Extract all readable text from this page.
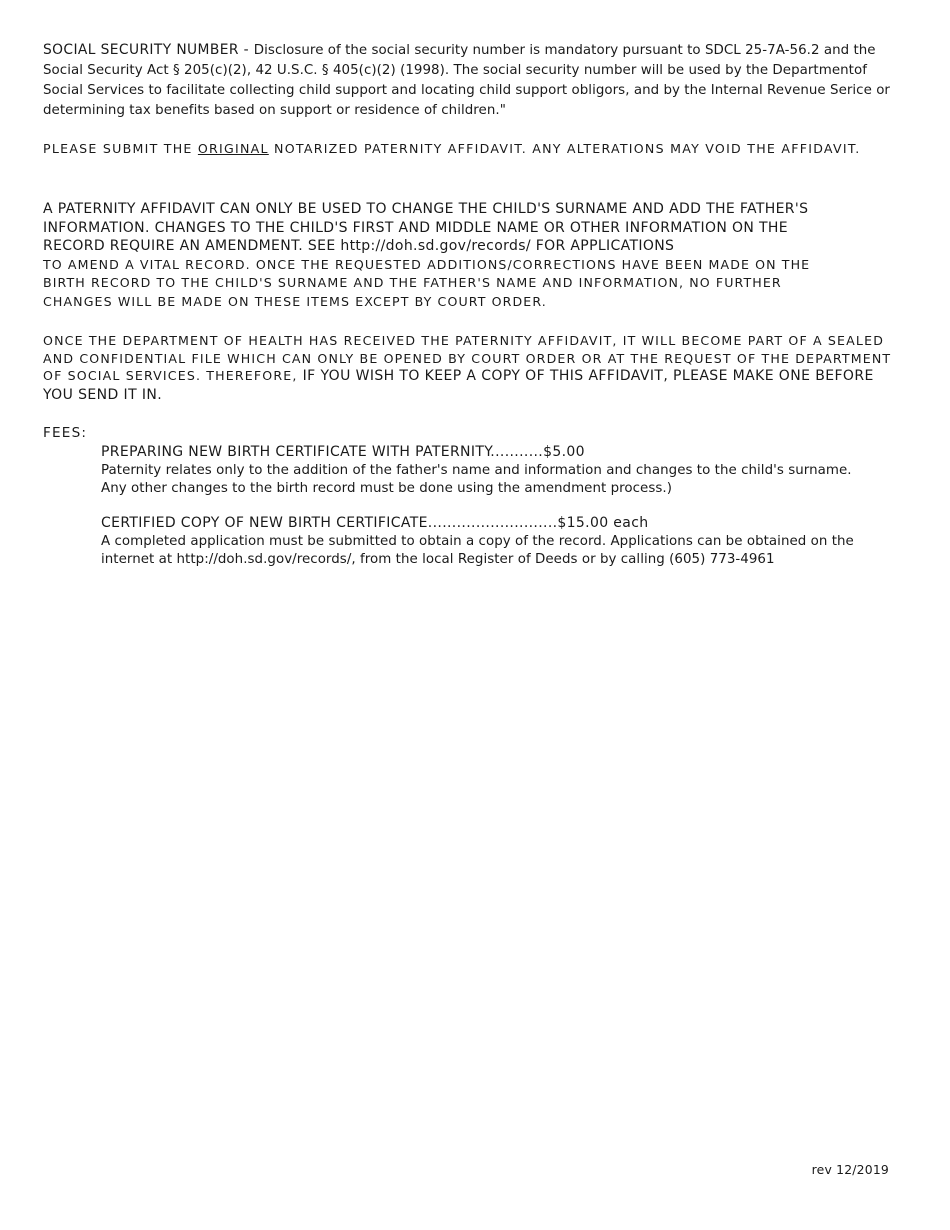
SOCIAL SECURITY NUMBER - Disclosure of the social security number is mandatory pursuant to SDCL 25-7A-56.2 and the Social Security Act § 205(c)(2), 42 U.S.C. § 405(c)(2) (1998). The social security number will be used by the Departmentof Social Services to facilitate collecting child support and locating child support obligors, and by the Internal Revenue Serice or determining tax benefits based on support or residence of children."

PLEASE SUBMIT THE ORIGINAL NOTARIZED PATERNITY AFFIDAVIT. ANY ALTERATIONS MAY VOID THE AFFIDAVIT.

A PATERNITY AFFIDAVIT CAN ONLY BE USED TO CHANGE THE CHILD'S SURNAME AND ADD THE FATHER'S
INFORMATION. CHANGES TO THE CHILD'S FIRST AND MIDDLE NAME OR OTHER INFORMATION ON THE
RECORD REQUIRE AN AMENDMENT. SEE http://doh.sd.gov/records/ FOR APPLICATIONS
TO AMEND A VITAL RECORD. ONCE THE REQUESTED ADDITIONS/CORRECTIONS HAVE BEEN MADE ON THE
BIRTH RECORD TO THE CHILD'S SURNAME AND THE FATHER'S NAME AND INFORMATION, NO FURTHER
CHANGES WILL BE MADE ON THESE ITEMS EXCEPT BY COURT ORDER.

ONCE THE DEPARTMENT OF HEALTH HAS RECEIVED THE PATERNITY AFFIDAVIT, IT WILL BECOME PART OF A SEALED AND CONFIDENTIAL FILE WHICH CAN ONLY BE OPENED BY COURT ORDER OR AT THE REQUEST OF THE DEPARTMENT OF SOCIAL SERVICES. THEREFORE, IF YOU WISH TO KEEP A COPY OF THIS AFFIDAVIT, PLEASE MAKE ONE BEFORE YOU SEND IT IN.

FEES:
PREPARING NEW BIRTH CERTIFICATE WITH PATERNITY...........$5.00
Paternity relates only to the addition of the father's name and information and changes to the child's surname. Any other changes to the birth record must be done using the amendment process.)
CERTIFIED COPY OF NEW BIRTH CERTIFICATE...........................$15.00 each
A completed application must be submitted to obtain a copy of the record. Applications can be obtained on the internet at http://doh.sd.gov/records/, from the local Register of Deeds or by calling (605) 773-4961
rev 12/2019
